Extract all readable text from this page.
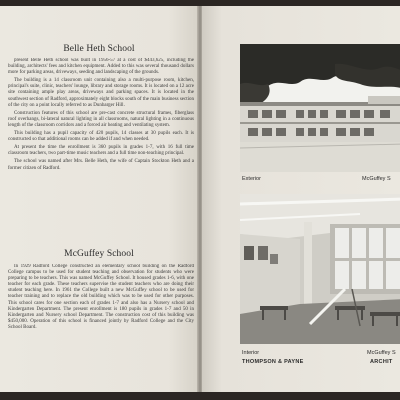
Belle Heth School

present Belle Heth school was built in 1956-57 at a cost of $443,625, including the building, architects' fees and kitchen equipment. Added to this was several thousand dollars more for parking areas, driveways, seeding and landscaping of the grounds.

The building is a 14 classroom unit containing also a multi-purpose room, kitchen, principal's suite, clinic, teachers' lounge, library and storage rooms. It is located on a 12 acre site containing ample play areas, driveways and parking spaces. It is located in the southwest section of Radford, approximately eight blocks south of the main business section of the city on a point locally referred to as Dunbarger Hill.

Construction features of this school are pre-cast concrete structural frames, fiberglass roof overhangs, bi-lateral natural lighting in all classrooms, natural lighting in a continuous length of the classroom corridors and a forced air heating and ventilating system.

This building has a pupil capacity of 420 pupils, 14 classes at 30 pupils each. It is constructed so that additional rooms can be added if and when needed.

At present the time the enrollment is 360 pupils in grades 1-7, with 16 full time classroom teachers, two part-time music teachers and a full time non-teaching principal.

The school was named after Mrs. Belle Heth, the wife of Captain Stockton Heth and a former citizen of Radford.

McGuffey School

In 1929 Radford College constructed an elementary school building on the Radford College campus to be used for student teaching and observation for students who were preparing to be teachers. This was named McGuffey School. It housed grades 1-6, with one teacher for each grade. These teachers supervise the student teachers who are doing their student teaching here. In 1961 the College built a new McGuffey school to be used for teacher training and to replace the old building which was to be used for other purposes. This school cares for one section each of grades 1-7 and also has a Nursery school and Kindergarten Department. The present enrollment is 180 pupils in grades 1-7 and 50 in Kindergarten and Nursery school Department. The construction cost of this building was $450,000. Operation of this school is financed jointly by Radford College and the City School Board.

Exterior	McGuffey S
Interior	McGuffey S
THOMPSON & PAYNE	ARCHIT
